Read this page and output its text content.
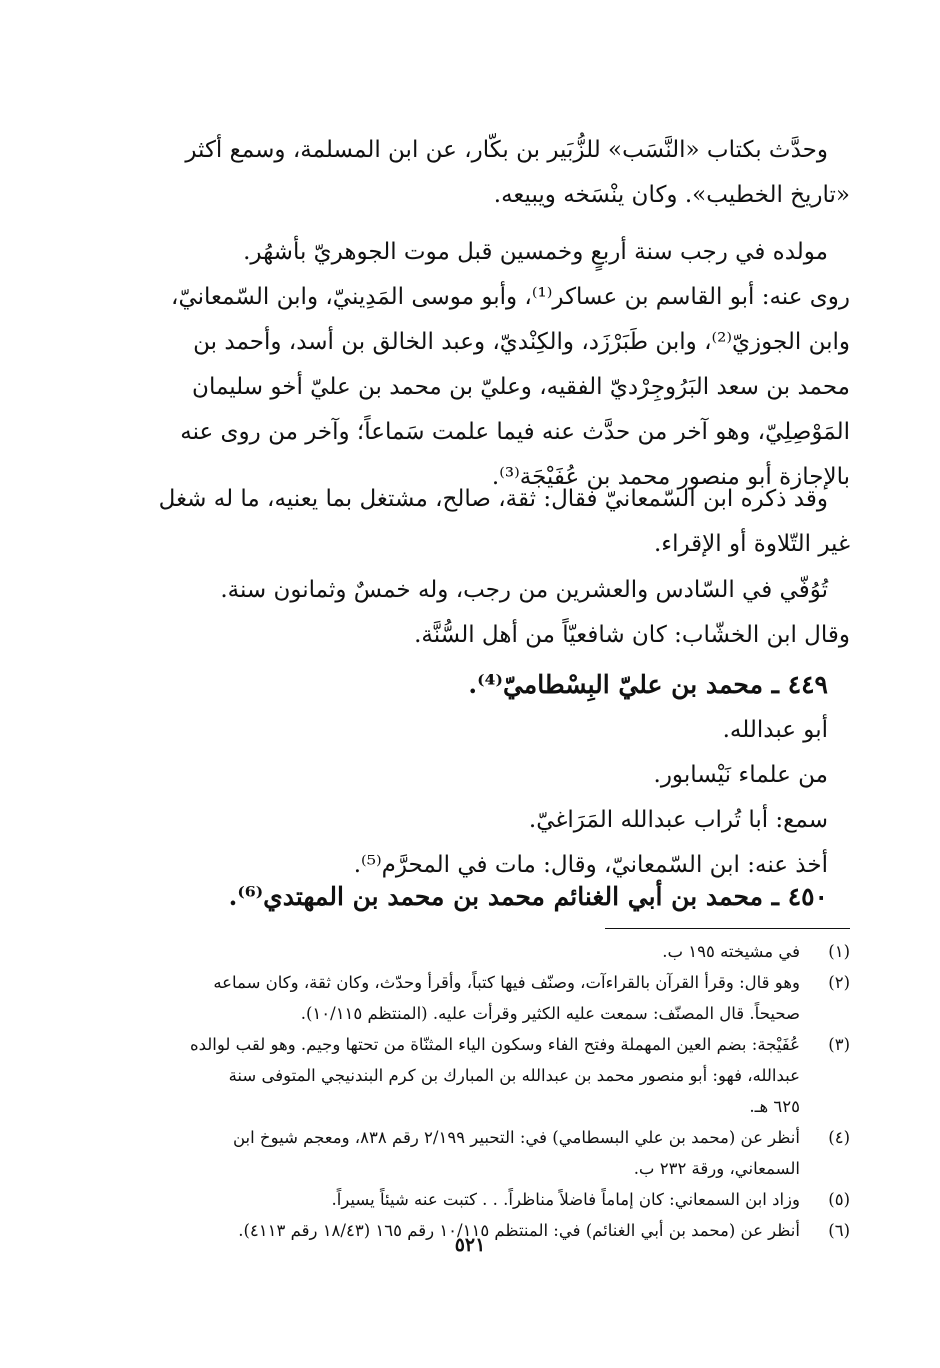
وحدَّث بكتاب «النَّسَب» للزُّبَير بن بكّار، عن ابن المسلمة، وسمع أكثر
«تاريخ الخطيب». وكان ينْسَخه ويبيعه.

مولده في رجب سنة أربعٍ وخمسين قبل موت الجوهريّ بأشهُر.
روى عنه: أبو القاسم بن عساكر⁽¹⁾، وأبو موسى المَدِينيّ، وابن السّمعانيّ،
وابن الجوزيّ⁽²⁾، وابن طَبَرْزَد، والكِنْديّ، وعبد الخالق بن أسد، وأحمد بن
محمد بن سعد البَرُوجِرْديّ الفقيه، وعليّ بن محمد بن عليّ أخو سليمان
المَوْصِلِيّ، وهو آخر من حدَّث عنه فيما علمت سَماعاً؛ وآخر من روى عنه
بالإجازة أبو منصور محمد بن عُفَيْجَة⁽³⁾.

وقد ذكره ابن السّمعانيّ فقال: ثقة، صالح، مشتغل بما يعنيه، ما له شغل
غير التّلاوة أو الإقراء.

تُوُفّي في السّادس والعشرين من رجب، وله خمسٌ وثمانون سنة.
وقال ابن الخشّاب: كان شافعيّاً من أهل السُّنَّة.

٤٤٩ ـ محمد بن عليّ البِسْطاميّ⁽⁴⁾.

أبو عبدالله.
من علماء نَيْسابور.
سمع: أبا تُراب عبدالله المَرَاغيّ.
أخذ عنه: ابن السّمعانيّ، وقال: مات في المحرَّم⁽⁵⁾.

٤٥٠ ـ محمد بن أبي الغنائم محمد بن محمد بن المهتدي⁽⁶⁾.

(١)
في مشيخته ١٩٥ ب.
(٢)
وهو قال: وقرأ القرآن بالقراءآت، وصنّف فيها كتباً، وأقرأ وحدّث، وكان ثقة، وكان سماعه
صحيحاً. قال المصنّف: سمعت عليه الكثير وقرأت عليه. (المنتظم ١٠/١١٥).
(٣)
عُفَيْجة: بضم العين المهملة وفتح الفاء وسكون الياء المثنّاة من تحتها وجيم. وهو لقب لوالده
عبدالله، فهو: أبو منصور محمد بن عبدالله بن المبارك بن كرم البندنيجي المتوفى سنة
٦٢٥ هـ.
(٤)
أنظر عن (محمد بن علي البسطامي) في: التحبير ٢/١٩٩ رقم ٨٣٨، ومعجم شيوخ ابن
السمعاني، ورقة ٢٣٢ ب.
(٥)
وزاد ابن السمعاني: كان إماماً فاضلاً مناظراً. . . كتبت عنه شيئاً يسيراً.
(٦)
أنظر عن (محمد بن أبي الغنائم) في: المنتظم ١٠/١١٥ رقم ١٦٥ (١٨/٤٣ رقم ٤١١٣).
٥٢١
